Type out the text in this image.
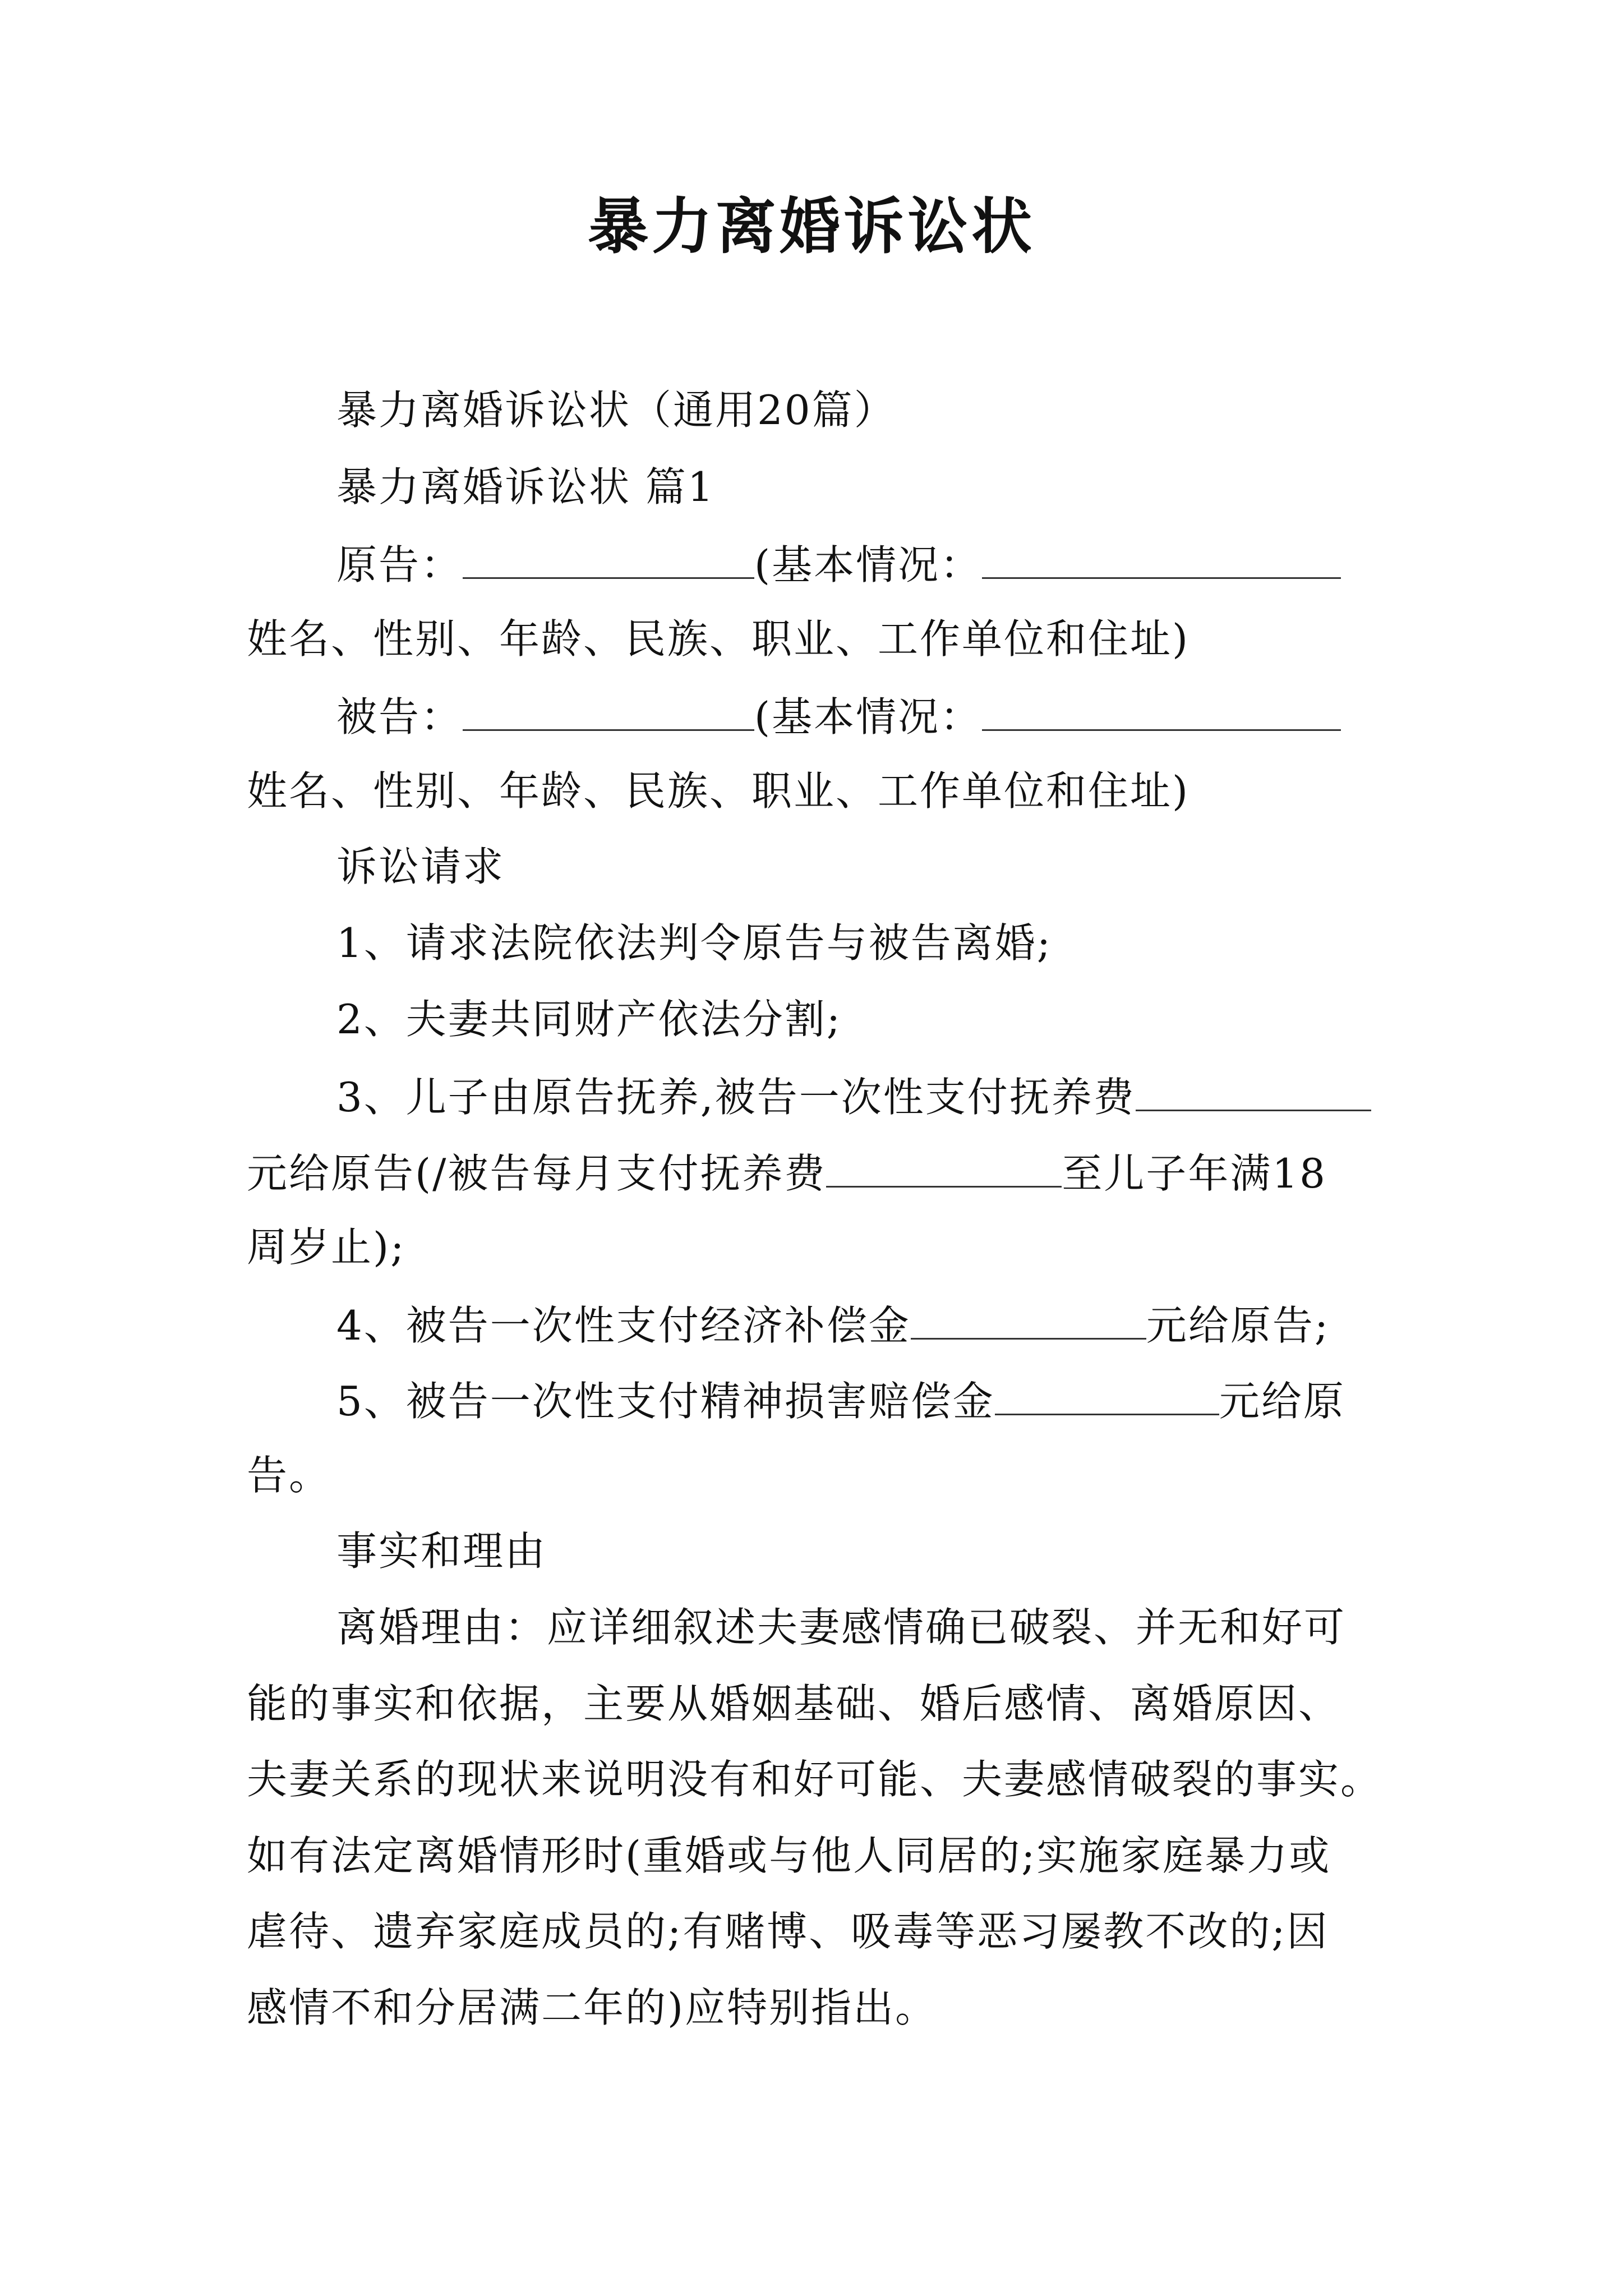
暴力离婚诉讼状
暴力离婚诉讼状（通用20篇）
暴力离婚诉讼状 篇1
原告：	(基本情况：
姓名、性别、年龄、民族、职业、工作单位和住址)
被告：	(基本情况：
姓名、性别、年龄、民族、职业、工作单位和住址)
诉讼请求
1、请求法院依法判令原告与被告离婚;
2、夫妻共同财产依法分割;
3、儿子由原告抚养,被告一次性支付抚养费
元给原告(/被告每月支付抚养费	至儿子年满18
周岁止);
4、被告一次性支付经济补偿金	元给原告;
5、被告一次性支付精神损害赔偿金	元给原
告。
事实和理由
离婚理由：应详细叙述夫妻感情确已破裂、并无和好可
能的事实和依据，主要从婚姻基础、婚后感情、离婚原因、
夫妻关系的现状来说明没有和好可能、夫妻感情破裂的事实。
如有法定离婚情形时(重婚或与他人同居的;实施家庭暴力或
虐待、遗弃家庭成员的;有赌博、吸毒等恶习屡教不改的;因
感情不和分居满二年的)应特别指出。
